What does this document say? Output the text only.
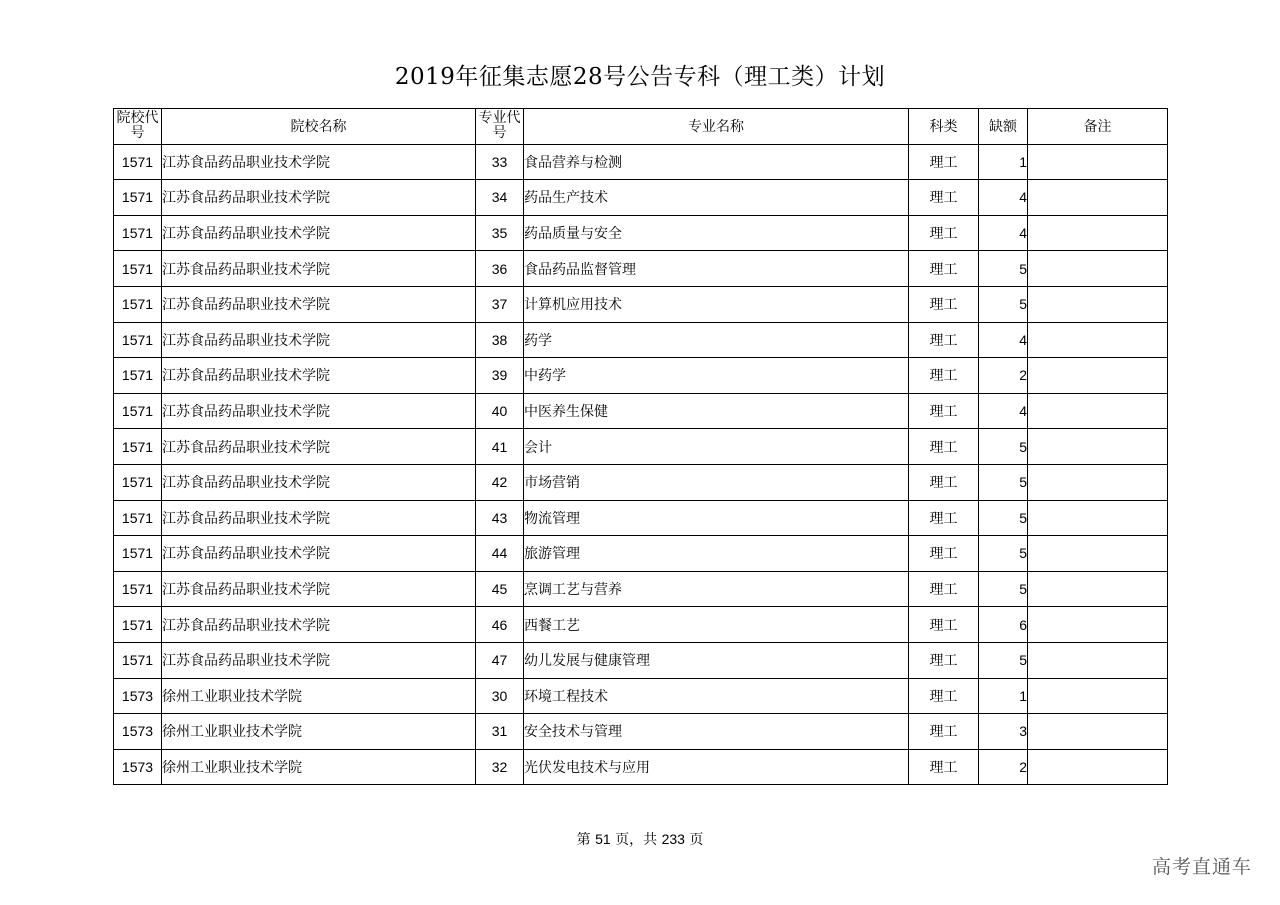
2019年征集志愿28号公告专科（理工类）计划
院校代号	院校名称	专业代号	专业名称	科类	缺额	备注
1571	江苏食品药品职业技术学院	33	食品营养与检测	理工	1	
1571	江苏食品药品职业技术学院	34	药品生产技术	理工	4	
1571	江苏食品药品职业技术学院	35	药品质量与安全	理工	4	
1571	江苏食品药品职业技术学院	36	食品药品监督管理	理工	5	
1571	江苏食品药品职业技术学院	37	计算机应用技术	理工	5	
1571	江苏食品药品职业技术学院	38	药学	理工	4	
1571	江苏食品药品职业技术学院	39	中药学	理工	2	
1571	江苏食品药品职业技术学院	40	中医养生保健	理工	4	
1571	江苏食品药品职业技术学院	41	会计	理工	5	
1571	江苏食品药品职业技术学院	42	市场营销	理工	5	
1571	江苏食品药品职业技术学院	43	物流管理	理工	5	
1571	江苏食品药品职业技术学院	44	旅游管理	理工	5	
1571	江苏食品药品职业技术学院	45	烹调工艺与营养	理工	5	
1571	江苏食品药品职业技术学院	46	西餐工艺	理工	6	
1571	江苏食品药品职业技术学院	47	幼儿发展与健康管理	理工	5	
1573	徐州工业职业技术学院	30	环境工程技术	理工	1	
1573	徐州工业职业技术学院	31	安全技术与管理	理工	3	
1573	徐州工业职业技术学院	32	光伏发电技术与应用	理工	2	
第 51 页，共 233 页
高考直通车
